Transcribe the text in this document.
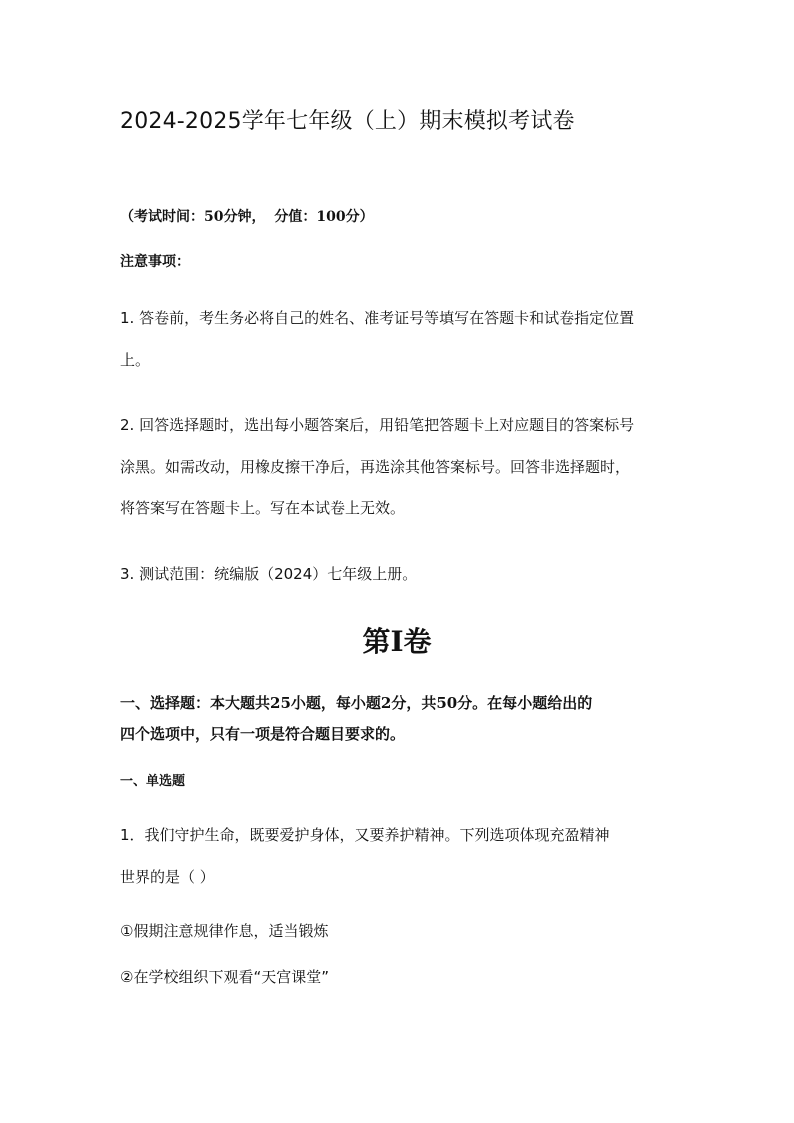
2024-2025学年七年级（上）期末模拟考试卷

（考试时间：50分钟， 分值：100分）

注意事项：

1. 答卷前，考生务必将自己的姓名、准考证号等填写在答题卡和试卷指定位置

上。

2. 回答选择题时，选出每小题答案后，用铅笔把答题卡上对应题目的答案标号

涂黑。如需改动，用橡皮擦干净后，再选涂其他答案标号。回答非选择题时，

将答案写在答题卡上。写在本试卷上无效。

3. 测试范围：统编版（2024）七年级上册。

第I卷

一、选择题：本大题共25小题，每小题2分，共50分。在每小题给出的

四个选项中，只有一项是符合题目要求的。

一、单选题

1．我们守护生命，既要爱护身体，又要养护精神。下列选项体现充盈精神

世界的是（ ）

①假期注意规律作息，适当锻炼

②在学校组织下观看“天宫课堂”
